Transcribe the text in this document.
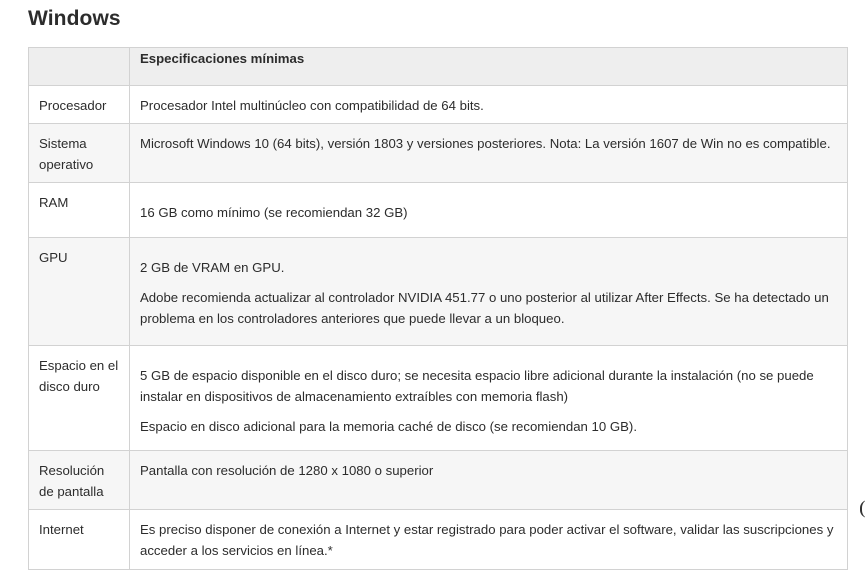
Windows
	Especificaciones mínimas
Procesador	Procesador Intel multinúcleo con compatibilidad de 64 bits.

Sistema operativo	Microsoft Windows 10 (64 bits), versión 1803 y versiones posteriores. Nota: La versión 1607 de Win no es compatible.

RAM	16 GB como mínimo (se recomiendan 32 GB)

GPU	2 GB de VRAM en GPU.

Adobe recomienda actualizar al controlador NVIDIA 451.77 o uno posterior al utilizar After Effects. Se ha detectado un problema en los controladores anteriores que puede llevar a un bloqueo.

Espacio en el disco duro	5 GB de espacio disponible en el disco duro; se necesita espacio libre adicional durante la instalación (no se puede instalar en dispositivos de almacenamiento extraíbles con memoria flash)

Espacio en disco adicional para la memoria caché de disco (se recomiendan 10 GB).

Resolución de pantalla	Pantalla con resolución de 1280 x 1080 o superior

Internet	Es preciso disponer de conexión a Internet y estar registrado para poder activar el software, validar las suscripciones y acceder a los servicios en línea.*
